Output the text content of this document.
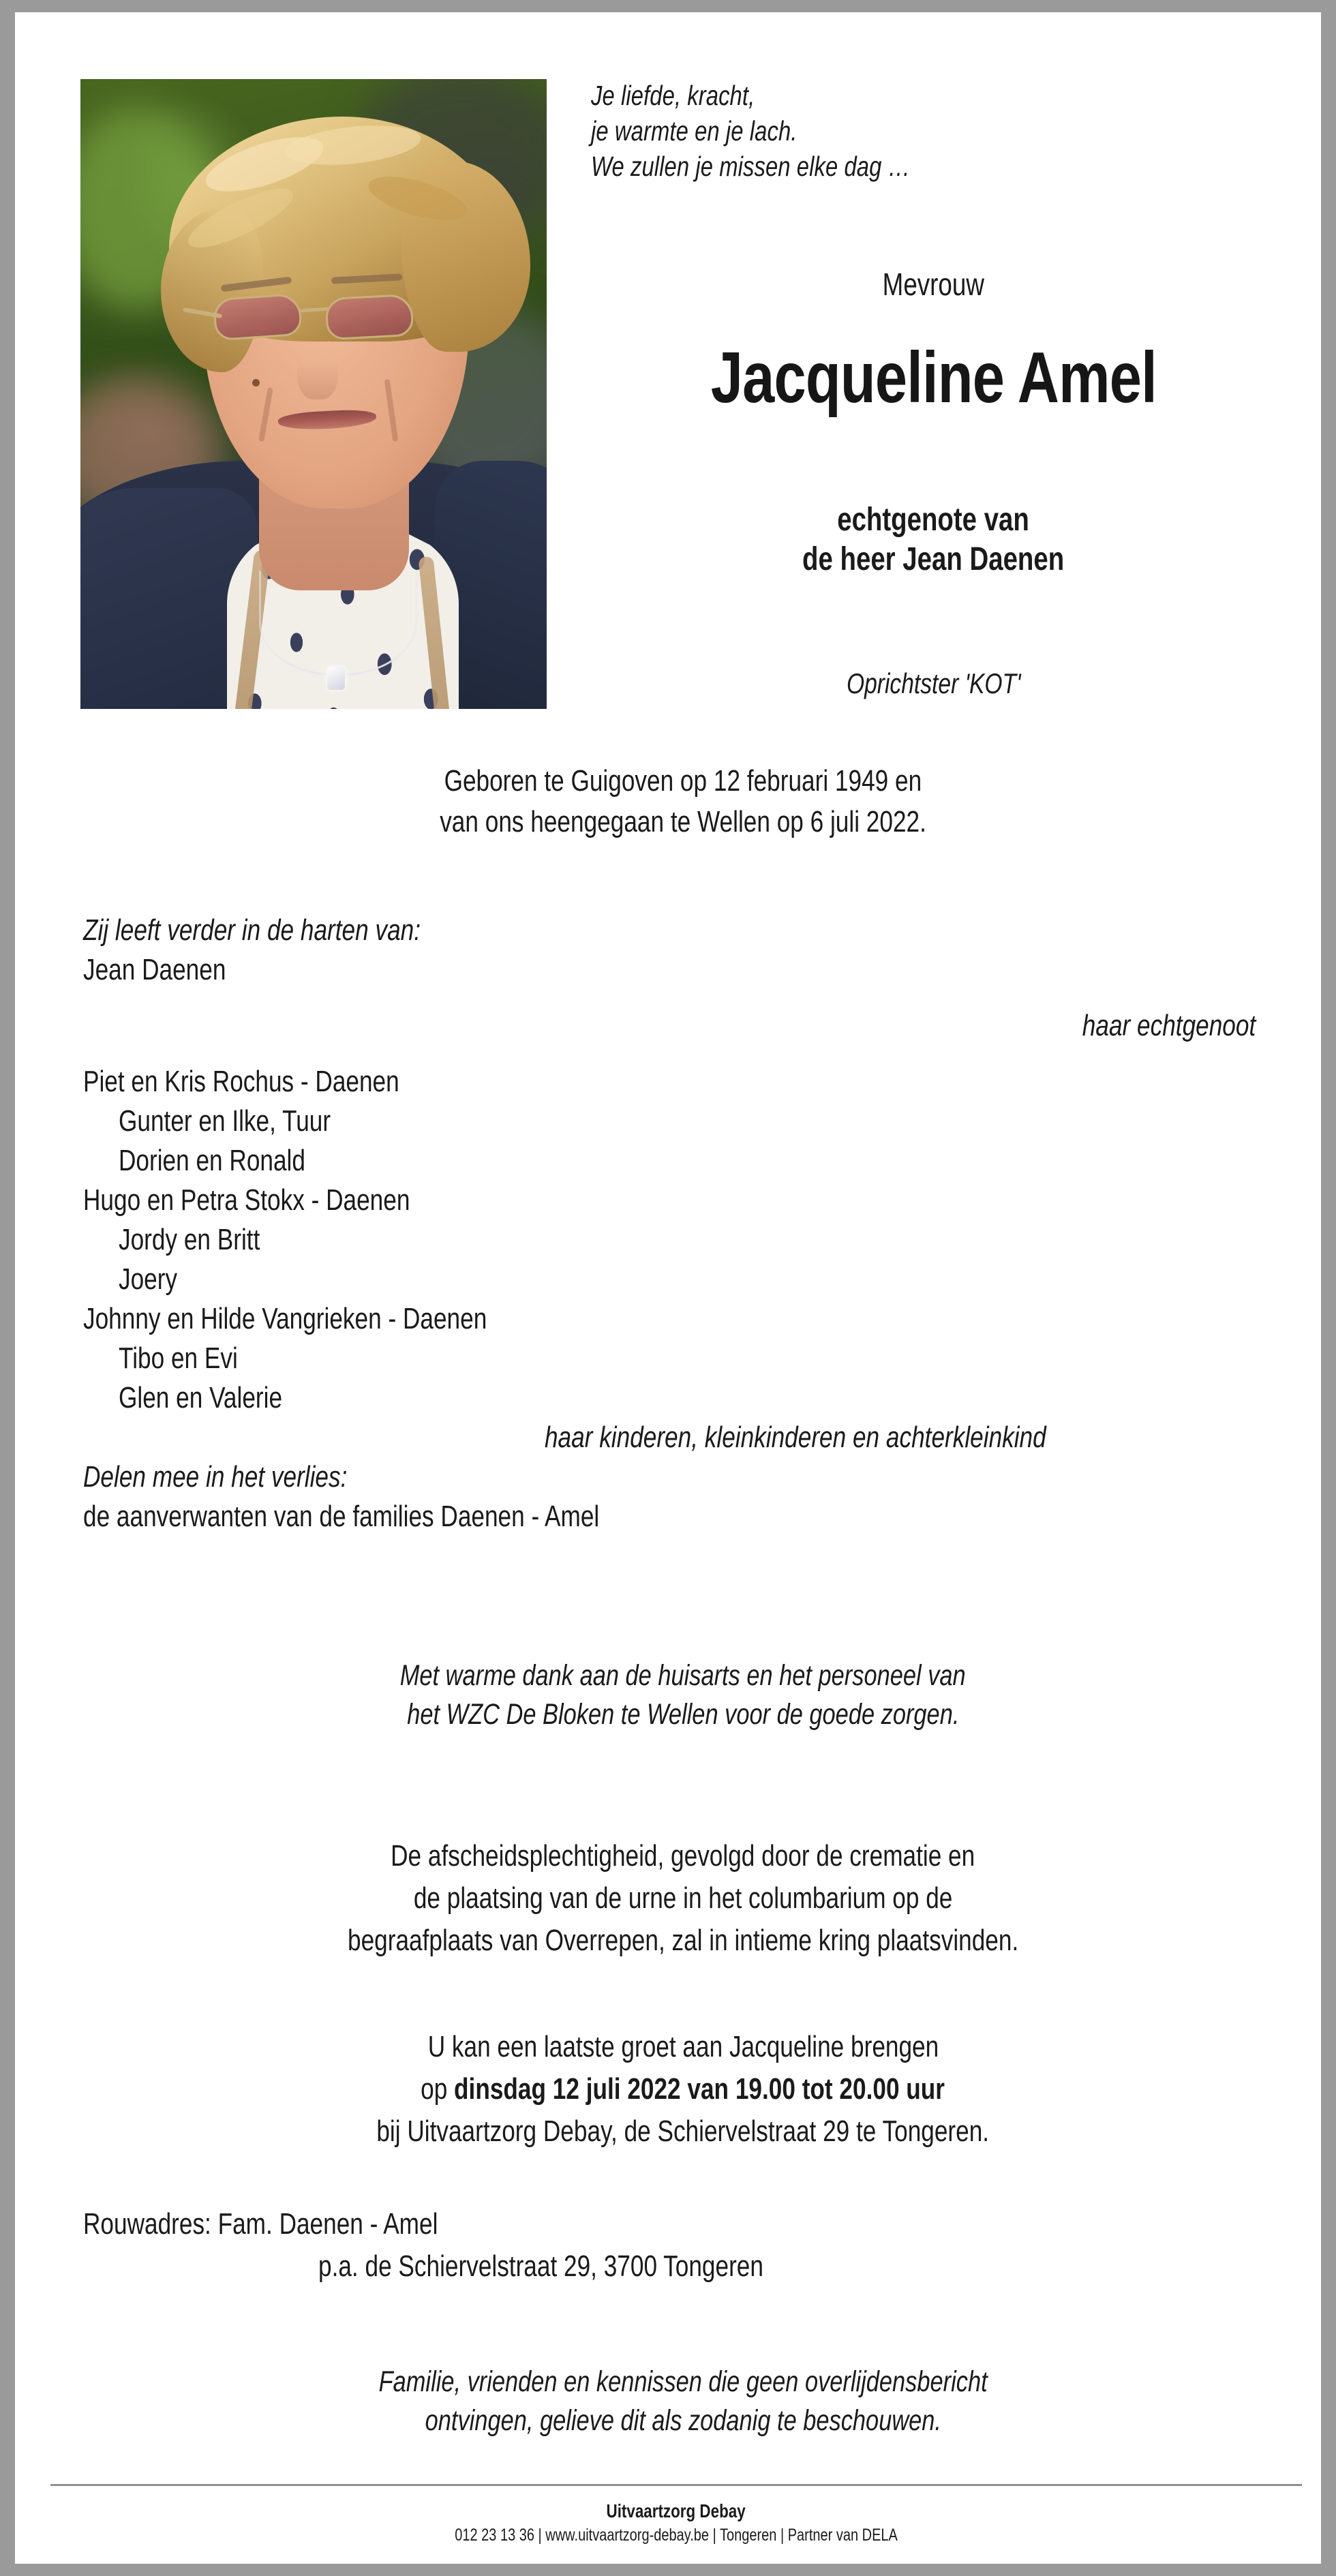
Je liefde, kracht,
je warmte en je lach.
We zullen je missen elke dag …
Mevrouw
Jacqueline Amel
echtgenote van
de heer Jean Daenen
Oprichtster 'KOT'
Geboren te Guigoven op 12 februari 1949 en
van ons heengegaan te Wellen op 6 juli 2022.
Zij leeft verder in de harten van:
Jean Daenen
haar echtgenoot
Piet en Kris Rochus - Daenen
Gunter en Ilke, Tuur
Dorien en Ronald
Hugo en Petra Stokx - Daenen
Jordy en Britt
Joery
Johnny en Hilde Vangrieken - Daenen
Tibo en Evi
Glen en Valerie
haar kinderen, kleinkinderen en achterkleinkind
Delen mee in het verlies:
de aanverwanten van de families Daenen - Amel
Met warme dank aan de huisarts en het personeel van
het WZC De Bloken te Wellen voor de goede zorgen.
De afscheidsplechtigheid, gevolgd door de crematie en
de plaatsing van de urne in het columbarium op de
begraafplaats van Overrepen, zal in intieme kring plaatsvinden.
U kan een laatste groet aan Jacqueline brengen
op dinsdag 12 juli 2022 van 19.00 tot 20.00 uur
bij Uitvaartzorg Debay, de Schiervelstraat 29 te Tongeren.
Rouwadres: Fam. Daenen - Amel
p.a. de Schiervelstraat 29, 3700 Tongeren
Familie, vrienden en kennissen die geen overlijdensbericht
ontvingen, gelieve dit als zodanig te beschouwen.
Uitvaartzorg Debay
012 23 13 36 | www.uitvaartzorg-debay.be | Tongeren | Partner van DELA
